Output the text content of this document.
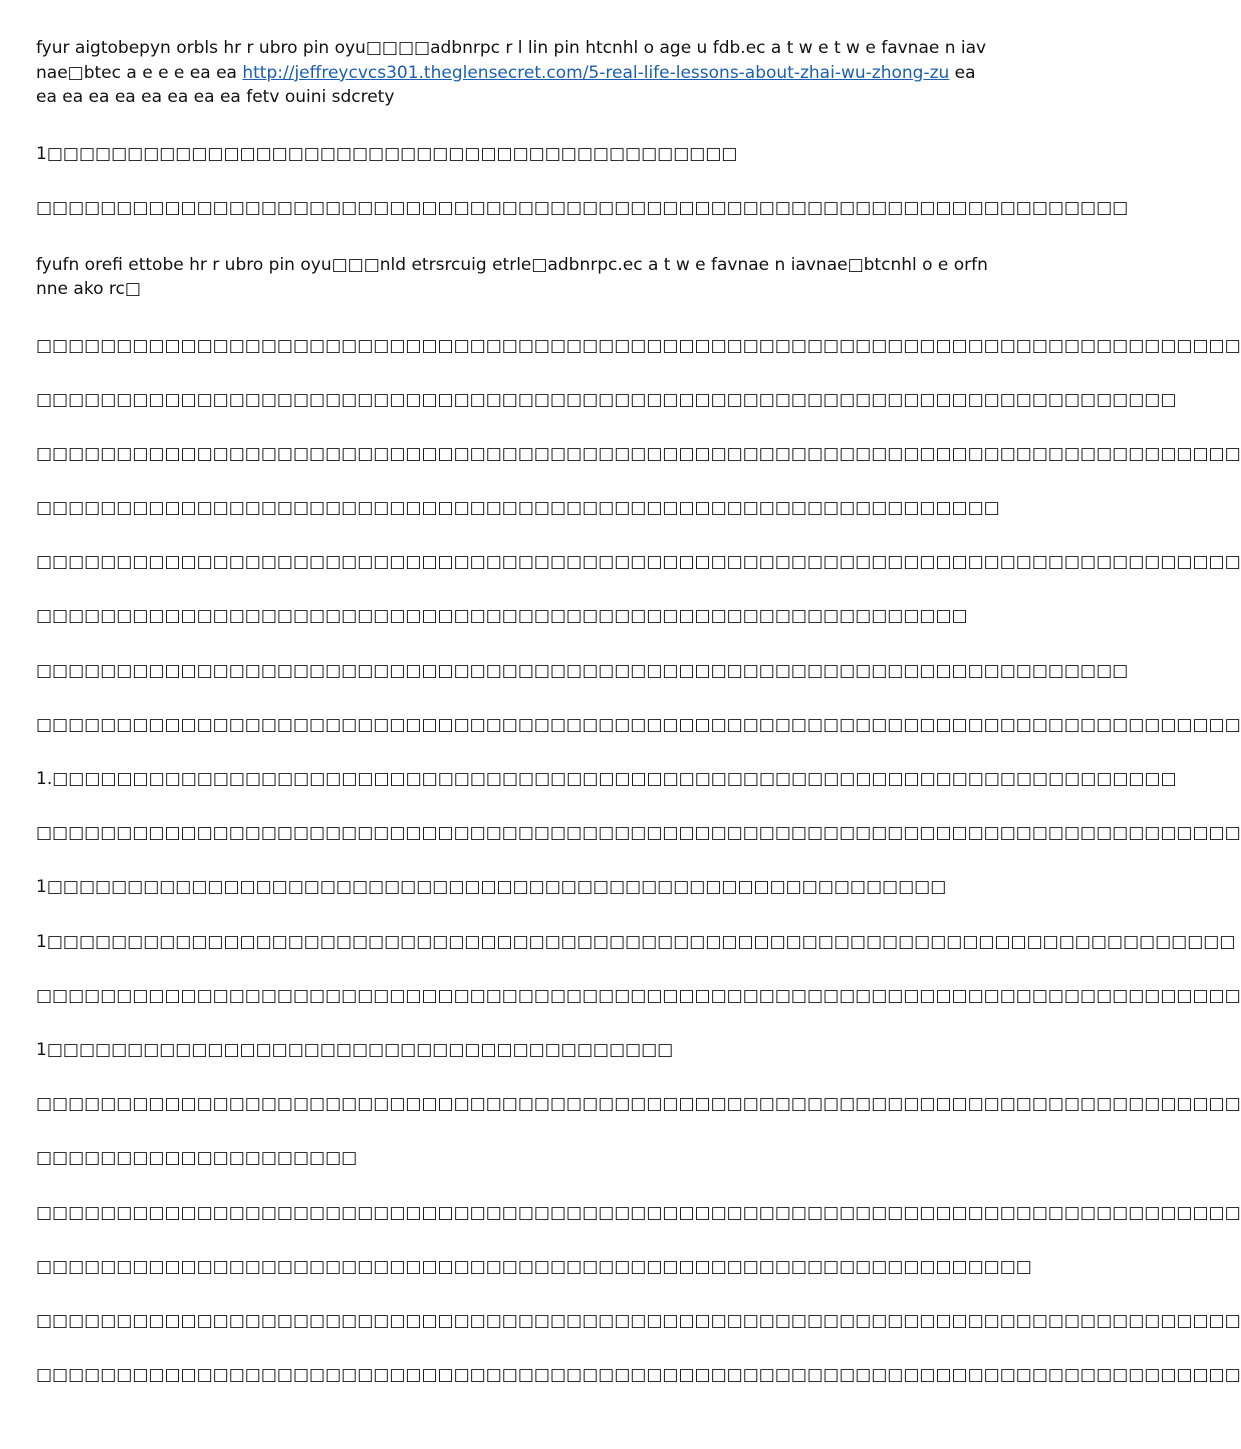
fyur aigtobepyn orbls hr r ubro pin oyu□□□□adbnrpc r l lin pin htcnhl o age u fdb.ec a t w e t w e favnae n iavnae□btec a e e e ea ea http://jeffreycvcs301.theglensecret.com/5-real-life-lessons-about-zhai-wu-zhong-zu ea ea ea ea ea ea ea ea ea fetv ouini sdcrety

1□□□□□□□□□□□□□□□□□□□□□□□□□□□□□□□□□□□□□□□□□□□

□□□□□□□□□□□□□□□□□□□□□□□□□□□□□□□□□□□□□□□□□□□□□□□□□□□□□□□□□□□□□□□□□□□□

fyufn orefi ettobe hr r ubro pin oyu□□□nld etrsrcuig etrle□adbnrpc.ec a t w e favnae n iavnae□btcnhl o e orfnnne ako rc□

□□□□□□□□□□□□□□□□□□□□□□□□□□□□□□□□□□□□□□□□□□□□□□□□□□□□□□□□□□□□□□□□□□□□□□□□□□□

□□□□□□□□□□□□□□□□□□□□□□□□□□□□□□□□□□□□□□□□□□□□□□□□□□□□□□□□□□□□□□□□□□□□□□□

□□□□□□□□□□□□□□□□□□□□□□□□□□□□□□□□□□□□□□□□□□□□□□□□□□□□□□□□□□□□□□□□□□□□□□□□□□□

□□□□□□□□□□□□□□□□□□□□□□□□□□□□□□□□□□□□□□□□□□□□□□□□□□□□□□□□□□□□

□□□□□□□□□□□□□□□□□□□□□□□□□□□□□□□□□□□□□□□□□□□□□□□□□□□□□□□□□□□□□□□□□□□□□□□□□□□

□□□□□□□□□□□□□□□□□□□□□□□□□□□□□□□□□□□□□□□□□□□□□□□□□□□□□□□□□□

□□□□□□□□□□□□□□□□□□□□□□□□□□□□□□□□□□□□□□□□□□□□□□□□□□□□□□□□□□□□□□□□□□□□

□□□□□□□□□□□□□□□□□□□□□□□□□□□□□□□□□□□□□□□□□□□□□□□□□□□□□□□□□□□□□□□□□□□□□□□□□□□

1.□□□□□□□□□□□□□□□□□□□□□□□□□□□□□□□□□□□□□□□□□□□□□□□□□□□□□□□□□□□□□□□□□□□□□□

□□□□□□□□□□□□□□□□□□□□□□□□□□□□□□□□□□□□□□□□□□□□□□□□□□□□□□□□□□□□□□□□□□□□□□□□□□□

1□□□□□□□□□□□□□□□□□□□□□□□□□□□□□□□□□□□□□□□□□□□□□□□□□□□□□□□□

1□□□□□□□□□□□□□□□□□□□□□□□□□□□□□□□□□□□□□□□□□□□□□□□□□□□□□□□□□□□□□□□□□□□□□□□□□□

□□□□□□□□□□□□□□□□□□□□□□□□□□□□□□□□□□□□□□□□□□□□□□□□□□□□□□□□□□□□□□□□□□□□□□□□□□□

1□□□□□□□□□□□□□□□□□□□□□□□□□□□□□□□□□□□□□□□

□□□□□□□□□□□□□□□□□□□□□□□□□□□□□□□□□□□□□□□□□□□□□□□□□□□□□□□□□□□□□□□□□□□□□□□□□□□

□□□□□□□□□□□□□□□□□□□□

□□□□□□□□□□□□□□□□□□□□□□□□□□□□□□□□□□□□□□□□□□□□□□□□□□□□□□□□□□□□□□□□□□□□□□□□□□□

□□□□□□□□□□□□□□□□□□□□□□□□□□□□□□□□□□□□□□□□□□□□□□□□□□□□□□□□□□□□□□

□□□□□□□□□□□□□□□□□□□□□□□□□□□□□□□□□□□□□□□□□□□□□□□□□□□□□□□□□□□□□□□□□□□□□□□□□□□

□□□□□□□□□□□□□□□□□□□□□□□□□□□□□□□□□□□□□□□□□□□□□□□□□□□□□□□□□□□□□□□□□□□□□□□□□□□
